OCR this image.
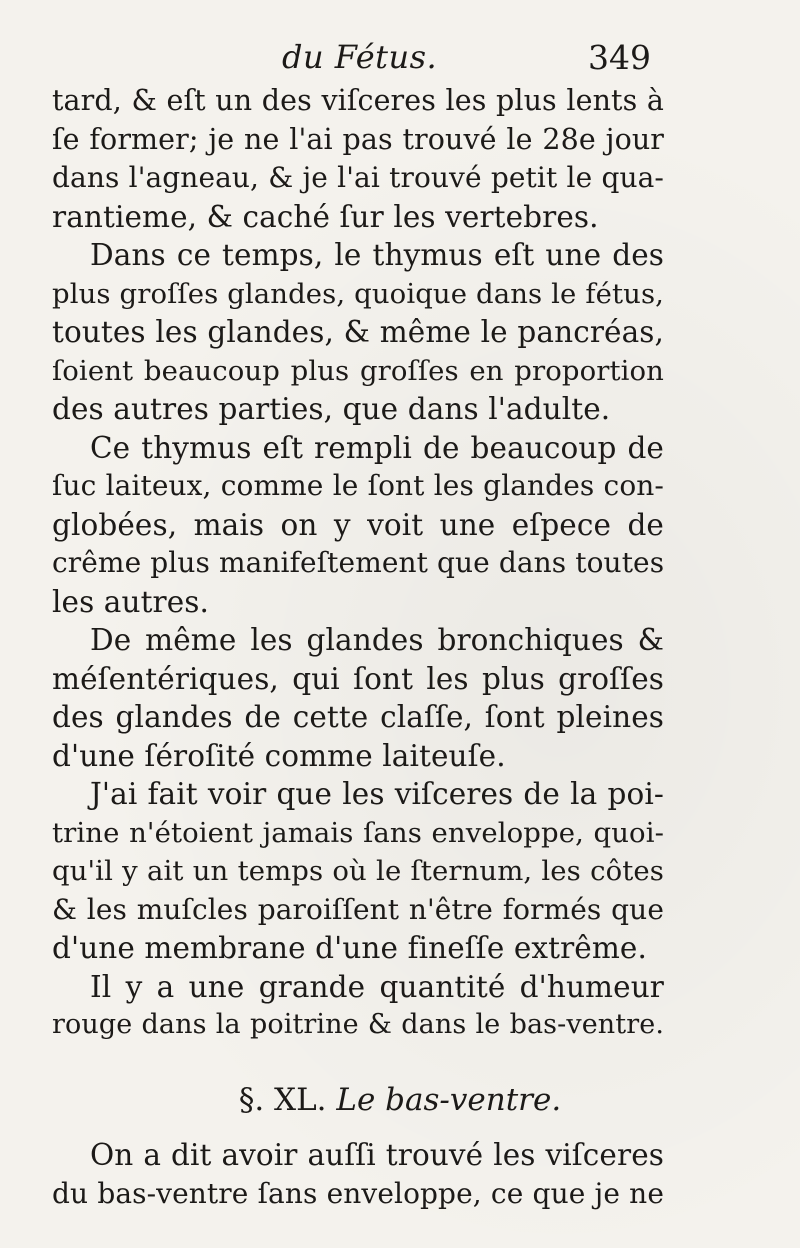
du Fétus.	349
tard, & eſt un des viſceres les plus lents à
ſe former; je ne l'ai pas trouvé le 28e jour
dans l'agneau, & je l'ai trouvé petit le qua-
rantieme, & caché ſur les vertebres.
Dans ce temps, le thymus eſt une des
plus groſſes glandes, quoique dans le fétus,
toutes les glandes, & même le pancréas,
ſoient beaucoup plus groſſes en proportion
des autres parties, que dans l'adulte.
Ce thymus eſt rempli de beaucoup de
ſuc laiteux, comme le ſont les glandes con-
globées, mais on y voit une eſpece de
crême plus manifeſtement que dans toutes
les autres.
De même les glandes bronchiques &
méſentériques, qui ſont les plus groſſes
des glandes de cette claſſe, ſont pleines
d'une ſéroſité comme laiteuſe.
J'ai fait voir que les viſceres de la poi-
trine n'étoient jamais ſans enveloppe, quoi-
qu'il y ait un temps où le ſternum, les côtes
& les muſcles paroiſſent n'être formés que
d'une membrane d'une fineſſe extrême.
Il y a une grande quantité d'humeur
rouge dans la poitrine & dans le bas-ventre.
§. XL. Le bas-ventre.
On a dit avoir auſſi trouvé les viſceres
du bas-ventre ſans enveloppe, ce que je ne
